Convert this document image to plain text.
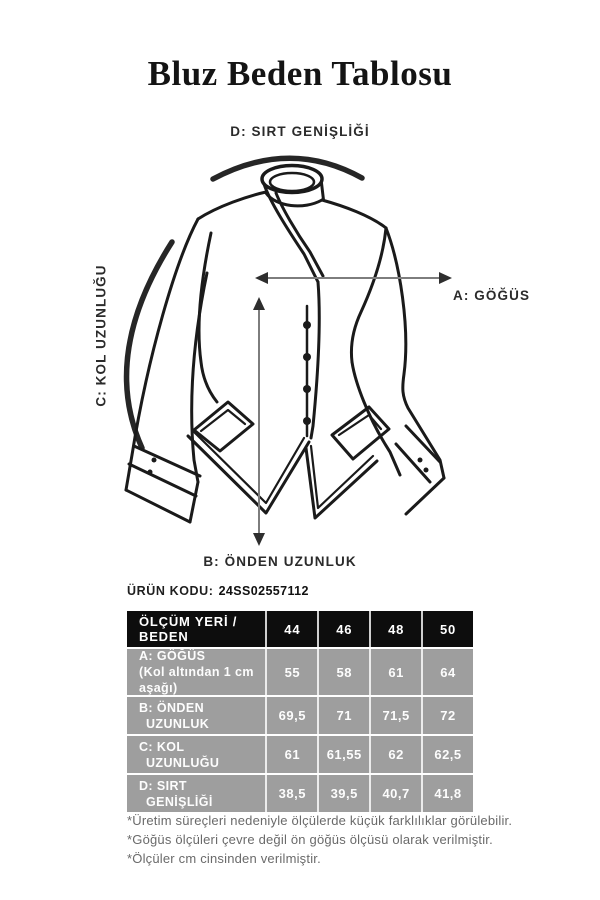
Bluz Beden Tablosu
D: SIRT GENİŞLİĞİ
A: GÖĞÜS
C: KOL UZUNLUĞU
B: ÖNDEN UZUNLUK
ÜRÜN KODU: 24SS02557112
ÖLÇÜM YERİ / BEDEN	44	46	48	50
A: GÖĞÜS
(Kol altından 1 cm aşağı)
55	58	61	64
B: ÖNDEN
UZUNLUK
69,5	71	71,5	72
C: KOL
UZUNLUĞU
61	61,55	62	62,5
D: SIRT
GENİŞLİĞİ
38,5	39,5	40,7	41,8

*Üretim süreçleri nedeniyle ölçülerde küçük farklılıklar görülebilir.

*Göğüs ölçüleri çevre değil ön göğüs ölçüsü olarak verilmiştir.

*Ölçüler cm cinsinden verilmiştir.
